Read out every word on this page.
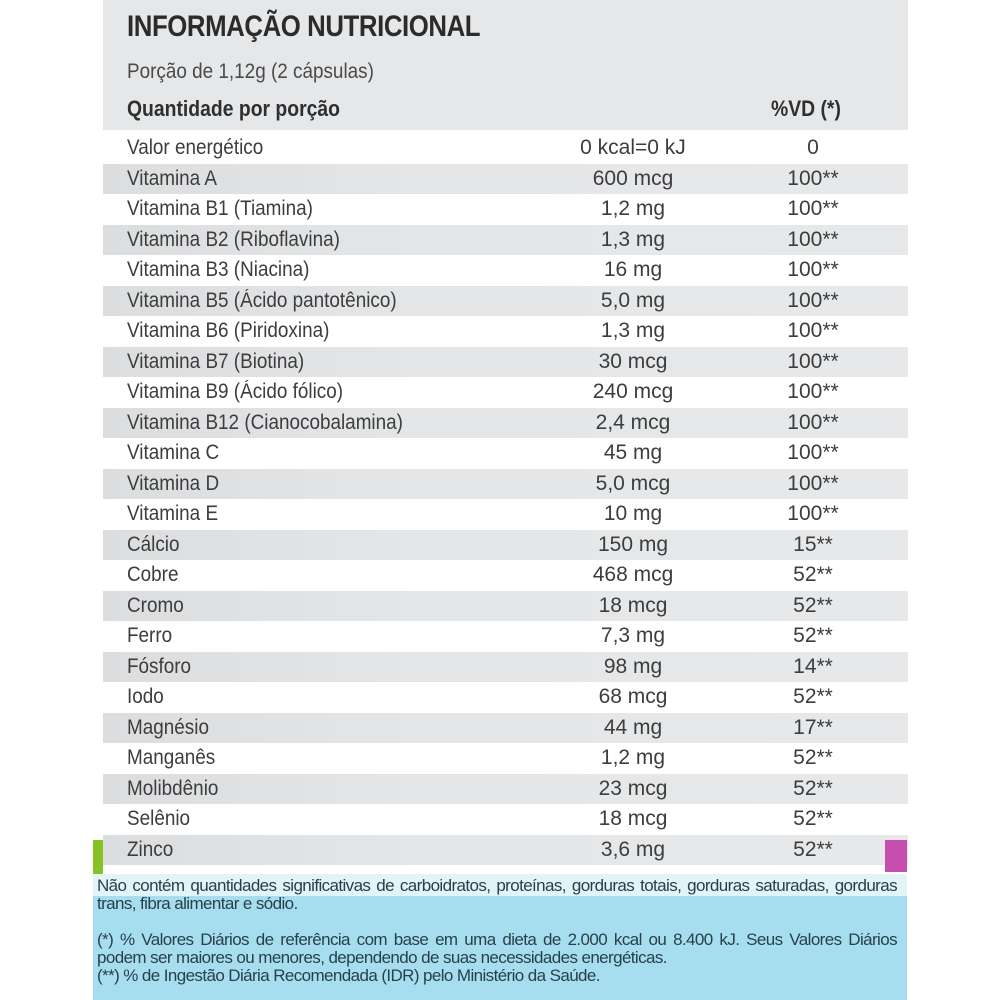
INFORMAÇÃO NUTRICIONAL
Porção de 1,12g (2 cápsulas)
Quantidade por porção	%VD (*)
Valor energético	0 kcal=0 kJ	0
Vitamina A	600 mcg	100**
Vitamina B1 (Tiamina)	1,2 mg	100**
Vitamina B2 (Riboflavina)	1,3 mg	100**
Vitamina B3 (Niacina)	16 mg	100**
Vitamina B5 (Ácido pantotênico)	5,0 mg	100**
Vitamina B6 (Piridoxina)	1,3 mg	100**
Vitamina B7 (Biotina)	30 mcg	100**
Vitamina B9 (Ácido fólico)	240 mcg	100**
Vitamina B12 (Cianocobalamina)	2,4 mcg	100**
Vitamina C	45 mg	100**
Vitamina D	5,0 mcg	100**
Vitamina E	10 mg	100**
Cálcio	150 mg	15**
Cobre	468 mcg	52**
Cromo	18 mcg	52**
Ferro	7,3 mg	52**
Fósforo	98 mg	14**
Iodo	68 mcg	52**
Magnésio	44 mg	17**
Manganês	1,2 mg	52**
Molibdênio	23 mcg	52**
Selênio	18 mcg	52**
Zinco	3,6 mg	52**

Não contém quantidades significativas de carboidratos, proteínas, gorduras totais, gorduras saturadas, gorduras trans, fibra alimentar e sódio.

(*) % Valores Diários de referência com base em uma dieta de 2.000 kcal ou 8.400 kJ. Seus Valores Diários podem ser maiores ou menores, dependendo de suas necessidades energéticas.

(**) % de Ingestão Diária Recomendada (IDR) pelo Ministério da Saúde.
